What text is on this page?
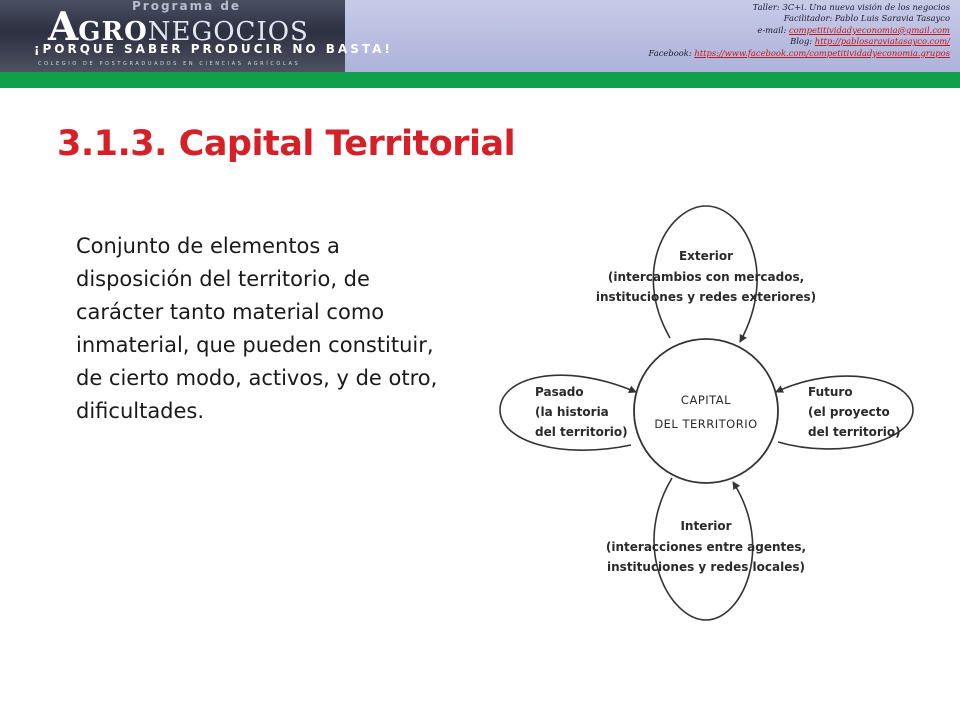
Programa de
AGRONEGOCIOS
¡PORQUE SABER PRODUCIR NO BASTA!
COLEGIO DE POSTGRADUADOS EN CIENCIAS AGRÍCOLAS
Taller: 3C+i. Una nueva visión de los negocios
Facilitador: Pablo Luis Saravia Tasayco
e-mail: competitividadyeconomia@gmail.com
Blog: http://pablosaraviatasayco.com/
Facebook: https://www.facebook.com/competitividadyeconomia.grupos
3.1.3. Capital Territorial
Conjunto de elementos a disposición del territorio, de carácter tanto material como inmaterial, que pueden constituir, de cierto modo, activos, y de otro, dificultades.	CAPITAL
DEL TERRITORIO
Exterior
(intercambios con mercados,
instituciones y redes exteriores)
Pasado
(la historia
del territorio)
Futuro
(el proyecto
del territorio)
Interior
(interacciones entre agentes,
instituciones y redes locales)
